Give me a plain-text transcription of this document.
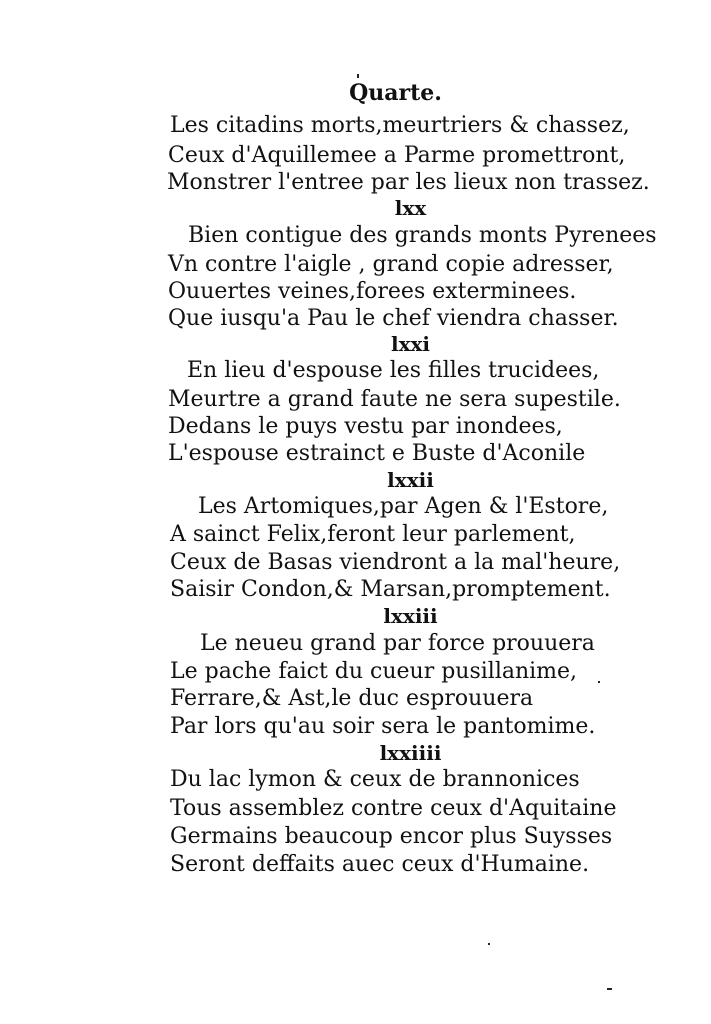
Quarte.
Les citadins morts,meurtriers & chassez,
Ceux d'Aquillemee a Parme promettront,
Monstrer l'entree par les lieux non trassez.
lxx
Bien contigue des grands monts Pyrenees
Vn contre l'aigle , grand copie adresser,
Ouuertes veines,forees exterminees.
Que iusqu'a Pau le chef viendra chasser.
lxxi
En lieu d'espouse les filles trucidees,
Meurtre a grand faute ne sera supestile.
Dedans le puys vestu par inondees,
L'espouse estrainct e Buste d'Aconile
lxxii
Les Artomiques,par Agen & l'Estore,
A sainct Felix,feront leur parlement,
Ceux de Basas viendront a la mal'heure,
Saisir Condon,& Marsan,promptement.
lxxiii
Le neueu grand par force prouuera
Le pache faict du cueur pusillanime,
Ferrare,& Ast,le duc esprouuera
Par lors qu'au soir sera le pantomime.
lxxiiii
Du lac lymon & ceux de brannonices
Tous assemblez contre ceux d'Aquitaine
Germains beaucoup encor plus Suysses
Seront deffaits auec ceux d'Humaine.
